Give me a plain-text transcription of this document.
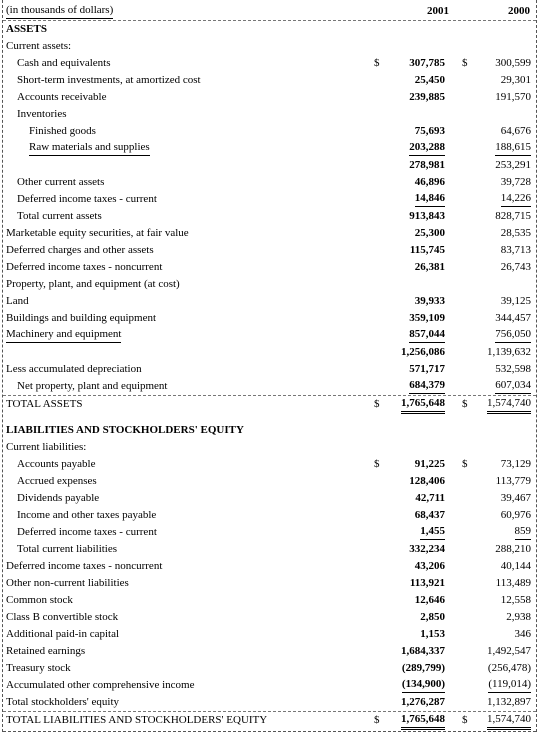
(in thousands of dollars)	2001	2000
ASSETS
Current assets:
Cash and equivalents	$	307,785 $	300,599
Short-term investments, at amortized cost	25,450	29,301
Accounts receivable	239,885	191,570
Inventories
Finished goods	75,693	64,676
Raw materials and supplies	203,288	188,615
278,981	253,291
Other current assets	46,896	39,728
Deferred income taxes - current	14,846	14,226
Total current assets	913,843	828,715
Marketable equity securities, at fair value	25,300	28,535
Deferred charges and other assets	115,745	83,713
Deferred income taxes - noncurrent	26,381	26,743
Property, plant, and equipment (at cost)
Land	39,933	39,125
Buildings and building equipment	359,109	344,457
Machinery and equipment	857,044	756,050
1,256,086	1,139,632
Less accumulated depreciation	571,717	532,598
Net property, plant and equipment	684,379	607,034
TOTAL ASSETS	$ 1,765,648 $ 1,574,740
LIABILITIES AND STOCKHOLDERS' EQUITY
Current liabilities:
Accounts payable	$	91,225 $	73,129
Accrued expenses	128,406	113,779
Dividends payable	42,711	39,467
Income and other taxes payable	68,437	60,976
Deferred income taxes - current	1,455	859
Total current liabilities	332,234	288,210
Deferred income taxes - noncurrent	43,206	40,144
Other non-current liabilities	113,921	113,489
Common stock	12,646	12,558
Class B convertible stock	2,850	2,938
Additional paid-in capital	1,153	346
Retained earnings	1,684,337	1,492,547
Treasury stock	(289,799)	(256,478)
Accumulated other comprehensive income	(134,900)	(119,014)
Total stockholders' equity	1,276,287	1,132,897
TOTAL LIABILITIES AND STOCKHOLDERS' EQUITY	$ 1,765,648 $ 1,574,740
